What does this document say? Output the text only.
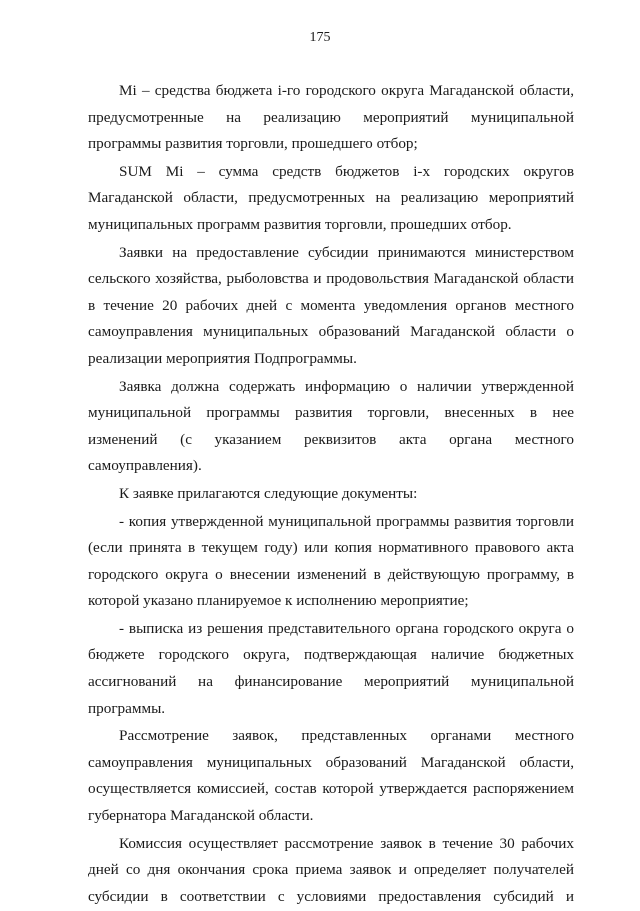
175

Mi – средства бюджета i-го городского округа Магаданской области, предусмотренные на реализацию мероприятий муниципальной программы развития торговли, прошедшего отбор;

SUM Mi – сумма средств бюджетов i-х городских округов Магаданской области, предусмотренных на реализацию мероприятий муниципальных программ развития торговли, прошедших отбор.

Заявки на предоставление субсидии принимаются министерством сельского хозяйства, рыболовства и продовольствия Магаданской области в течение 20 рабочих дней с момента уведомления органов местного самоуправления муниципальных образований Магаданской области о реализации мероприятия Подпрограммы.

Заявка должна содержать информацию о наличии утвержденной муниципальной программы развития торговли, внесенных в нее изменений (с указанием реквизитов акта органа местного самоуправления).

К заявке прилагаются следующие документы:

- копия утвержденной муниципальной программы развития торговли (если принята в текущем году) или копия нормативного правового акта городского округа о внесении изменений в действующую программу, в которой указано планируемое к исполнению мероприятие;

- выписка из решения представительного органа городского округа о бюджете городского округа, подтверждающая наличие бюджетных ассигнований на финансирование мероприятий муниципальной программы.

Рассмотрение заявок, представленных органами местного самоуправления муниципальных образований Магаданской области, осуществляется комиссией, состав которой утверждается распоряжением губернатора Магаданской области.

Комиссия осуществляет рассмотрение заявок в течение 30 рабочих дней со дня окончания срока приема заявок и определяет получателей субсидии в соответствии с условиями предоставления субсидий и
